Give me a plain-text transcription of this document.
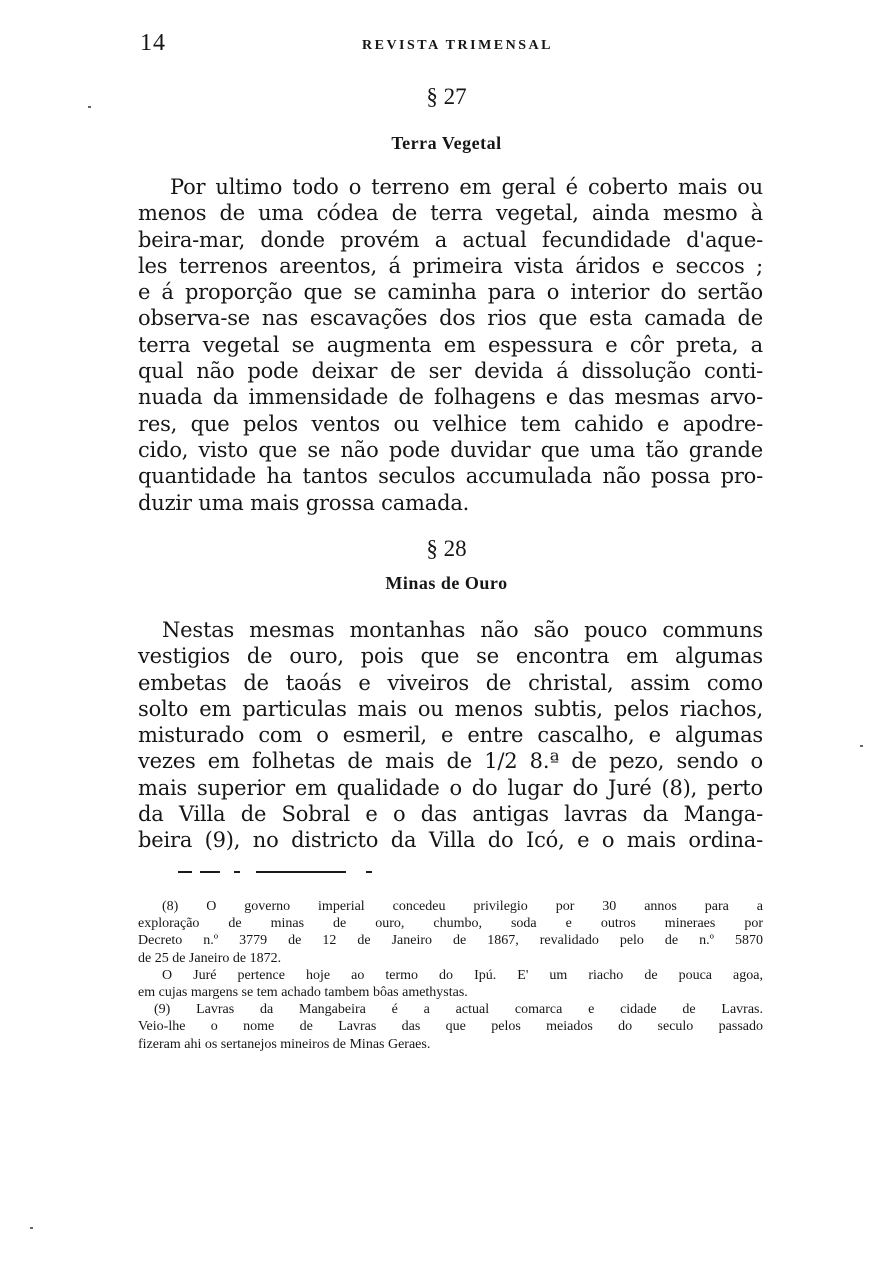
14	REVISTA TRIMENSAL
§ 27
Terra Vegetal
Por ultimo todo o terreno em geral é coberto mais ou
menos de uma códea de terra vegetal, ainda mesmo à
beira-mar, donde provém a actual fecundidade d'aque-
les terrenos areentos, á primeira vista áridos e seccos ;
e á proporção que se caminha para o interior do sertão
observa-se nas escavações dos rios que esta camada de
terra vegetal se augmenta em espessura e côr preta, a
qual não pode deixar de ser devida á dissolução conti-
nuada da immensidade de folhagens e das mesmas arvo-
res, que pelos ventos ou velhice tem cahido e apodre-
cido, visto que se não pode duvidar que uma tão grande
quantidade ha tantos seculos accumulada não possa pro-
duzir uma mais grossa camada.
§ 28
Minas de Ouro
Nestas mesmas montanhas não são pouco communs
vestigios de ouro, pois que se encontra em algumas
embetas de taoás e viveiros de christal, assim como
solto em particulas mais ou menos subtis, pelos riachos,
misturado com o esmeril, e entre cascalho, e algumas
vezes em folhetas de mais de 1/2 8.ª de pezo, sendo o
mais superior em qualidade o do lugar do Juré (8), perto
da Villa de Sobral e o das antigas lavras da Manga-
beira (9), no districto da Villa do Icó, e o mais ordina-
(8) O governo imperial concedeu privilegio por 30 annos para a
exploração de minas de ouro, chumbo, soda e outros mineraes por
Decreto n.º 3779 de 12 de Janeiro de 1867, revalidado pelo de n.º 5870
de 25 de Janeiro de 1872.
O Juré pertence hoje ao termo do Ipú. E' um riacho de pouca agoa,
em cujas margens se tem achado tambem bôas amethystas.
(9) Lavras da Mangabeira é a actual comarca e cidade de Lavras.
Veio-lhe o nome de Lavras das que pelos meiados do seculo passado
fizeram ahi os sertanejos mineiros de Minas Geraes.
